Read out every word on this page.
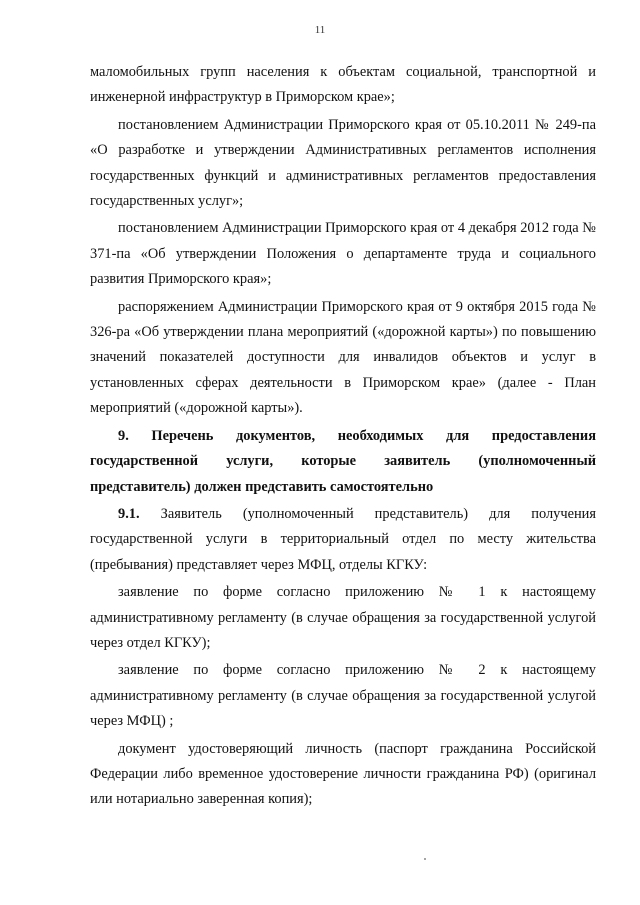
11

маломобильных групп населения к объектам социальной, транспортной и инженерной инфраструктур в Приморском крае»;

постановлением Администрации Приморского края от 05.10.2011 № 249-па «О разработке и утверждении Административных регламентов исполнения государственных функций и административных регламентов предоставления государственных услуг»;

постановлением Администрации Приморского края от 4 декабря 2012 года № 371-па «Об утверждении Положения о департаменте труда и социального развития Приморского края»;

распоряжением Администрации Приморского края от 9 октября 2015 года № 326-ра «Об утверждении плана мероприятий («дорожной карты») по повышению значений показателей доступности для инвалидов объектов и услуг в установленных сферах деятельности в Приморском крае» (далее - План мероприятий («дорожной карты»).

9. Перечень документов, необходимых для предоставления государственной услуги, которые заявитель (уполномоченный представитель) должен представить самостоятельно

9.1. Заявитель (уполномоченный представитель) для получения государственной услуги в территориальный отдел по месту жительства (пребывания) представляет через МФЦ, отделы КГКУ:

заявление по форме согласно приложению № 1 к настоящему административному регламенту (в случае обращения за государственной услугой через отдел КГКУ);

заявление по форме согласно приложению № 2 к настоящему административному регламенту (в случае обращения за государственной услугой через МФЦ) ;

документ удостоверяющий личность (паспорт гражданина Российской Федерации либо временное удостоверение личности гражданина РФ) (оригинал или нотариально заверенная копия);
